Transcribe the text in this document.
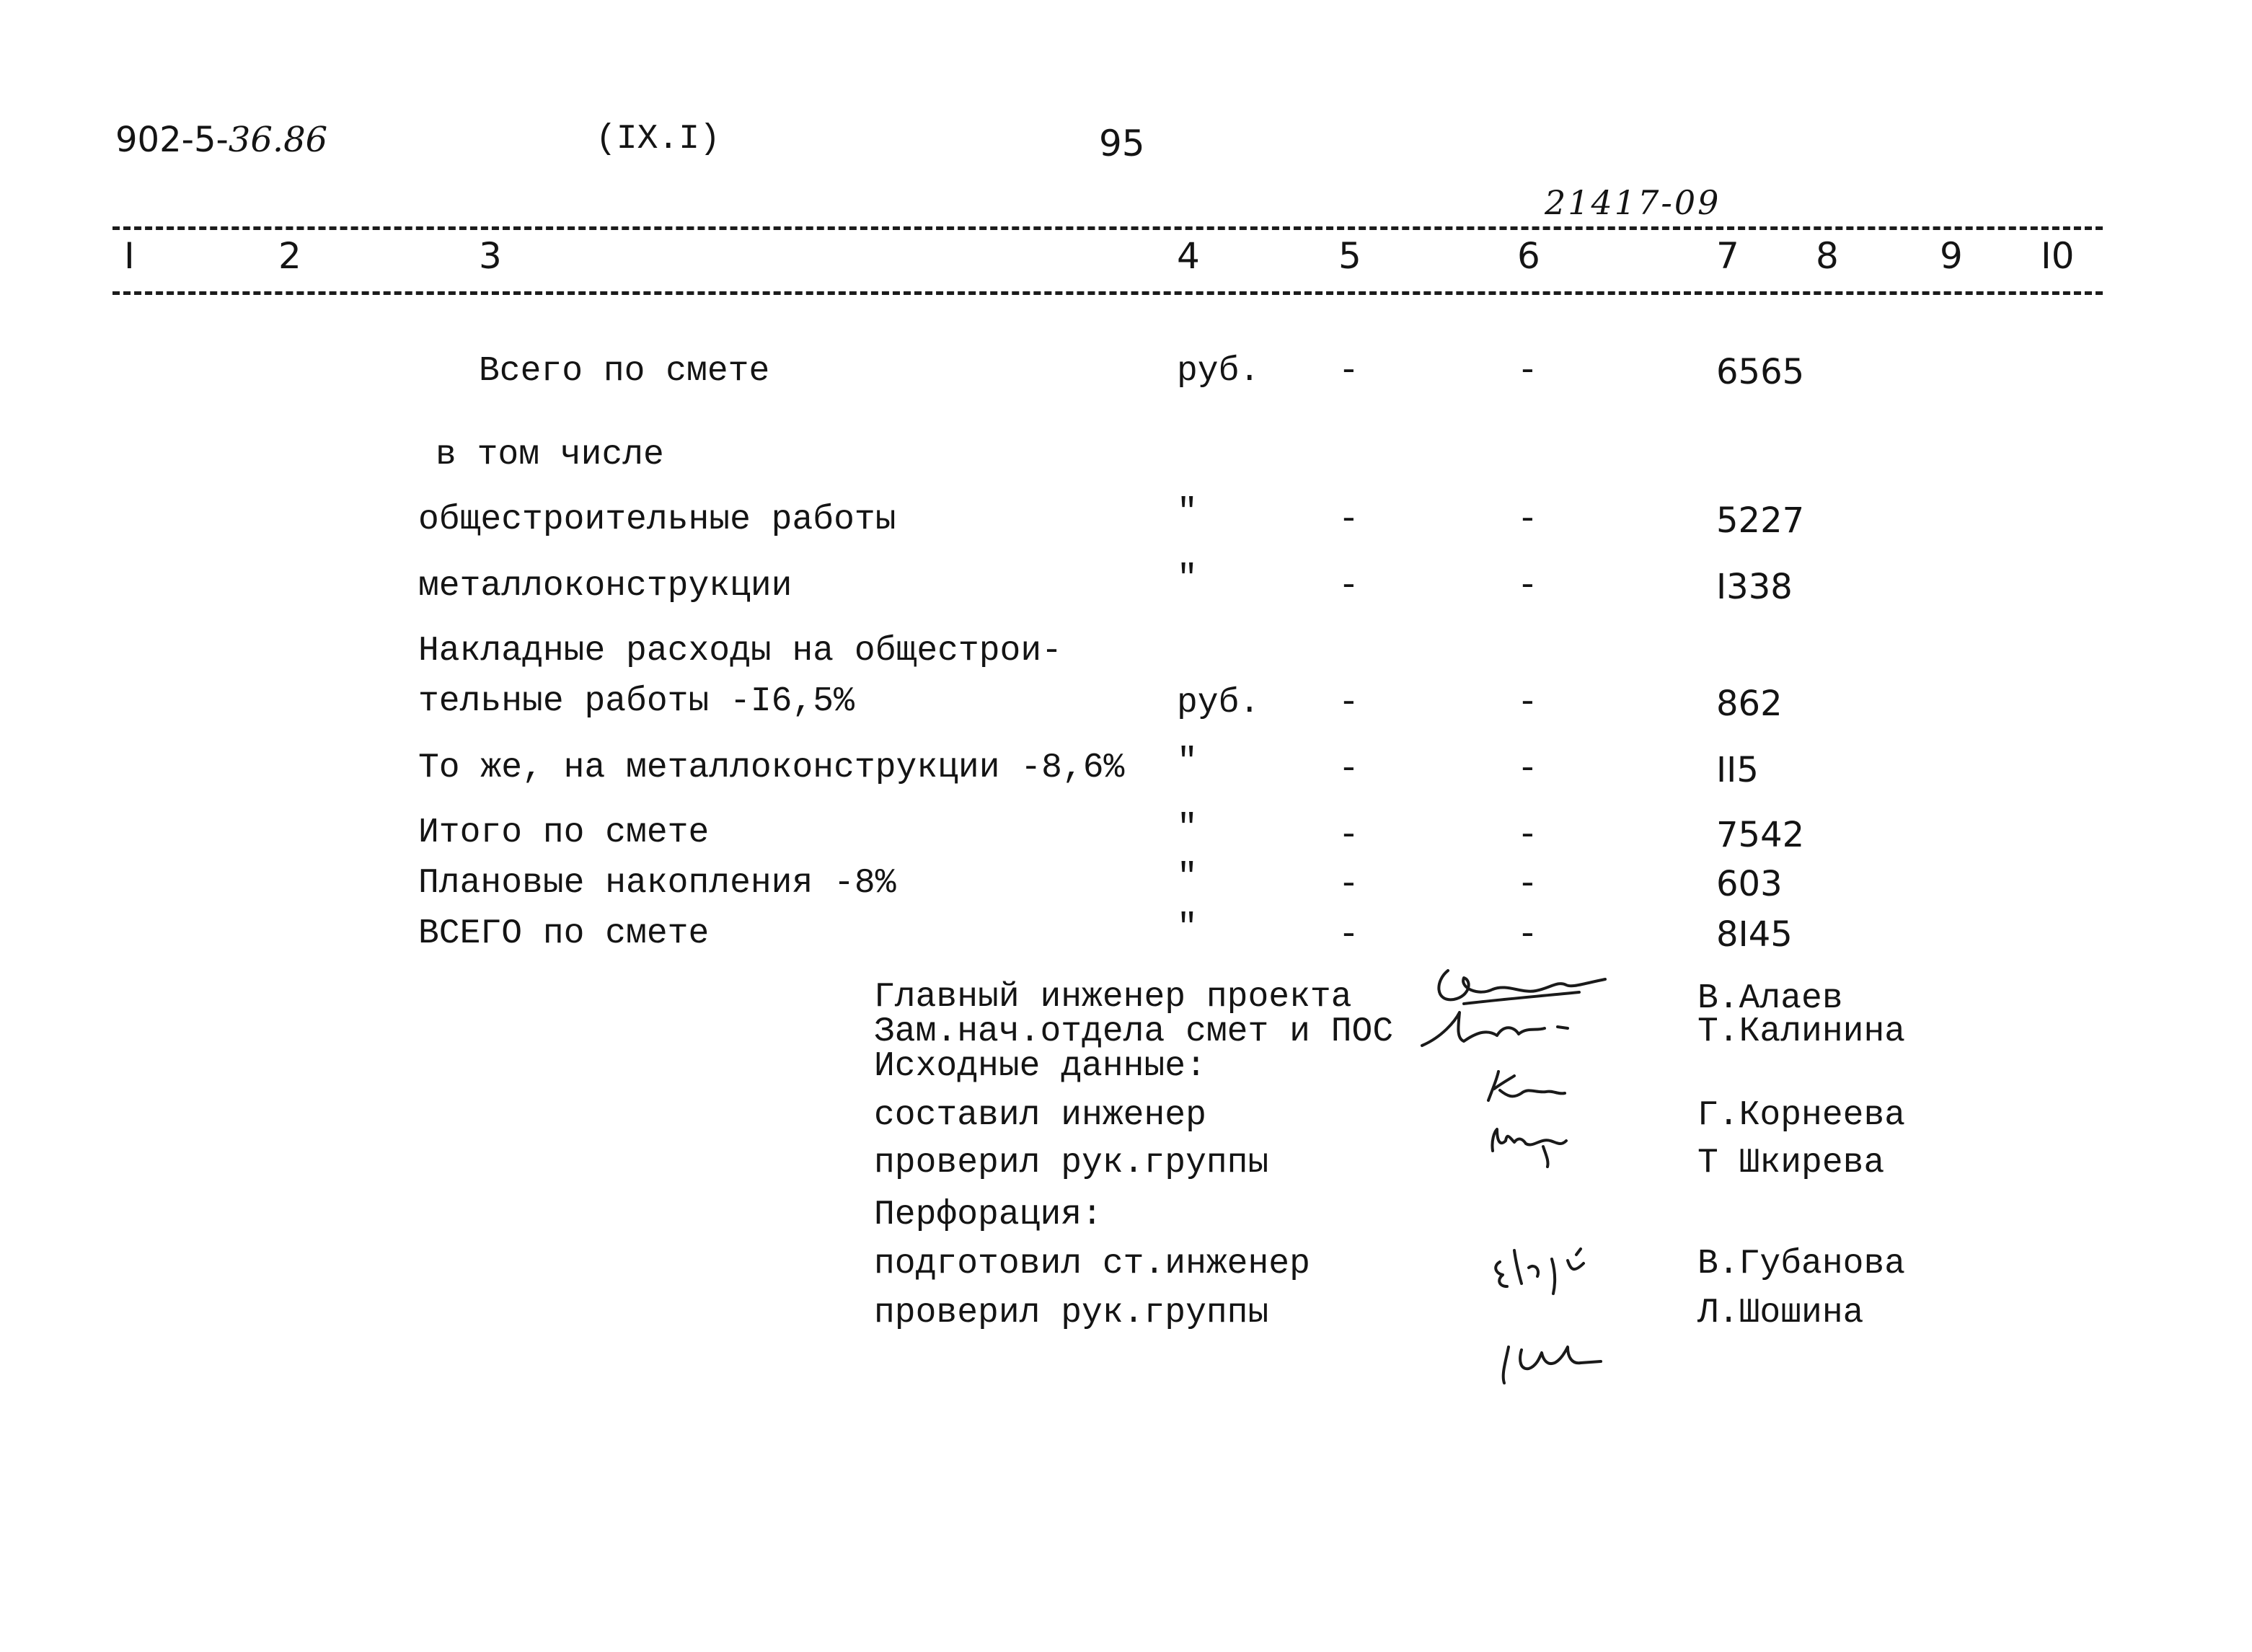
902-5-36.86	(IX.I)	95
21417-09
I	2	3	4	5	6	7 8	9 I0
Всего по смете	руб. -	-	6565
в том числе
общестроительные работы	"	-	-	5227
металлоконструкции	"	-	-	I338
Накладные расходы на общестрои-
тельные работы -I6,5%	руб. -	-	862
То же, на металлоконструкции -8,6% "	-	-	II5
Итого по смете	"	-	-	7542
Плановые накопления -8%	"	-	-	603
ВСЕГО по смете	"	-	-	8I45
Главный инженер проекта	В.Алаев
Зам.нач.отдела смет и ПОС	Т.Калинина
Исходные данные:
составил инженер	Г.Корнеева
проверил рук.группы	Т Шкирева
Перфорация:
подготовил ст.инженер	В.Губанова
проверил рук.группы	Л.Шошина
